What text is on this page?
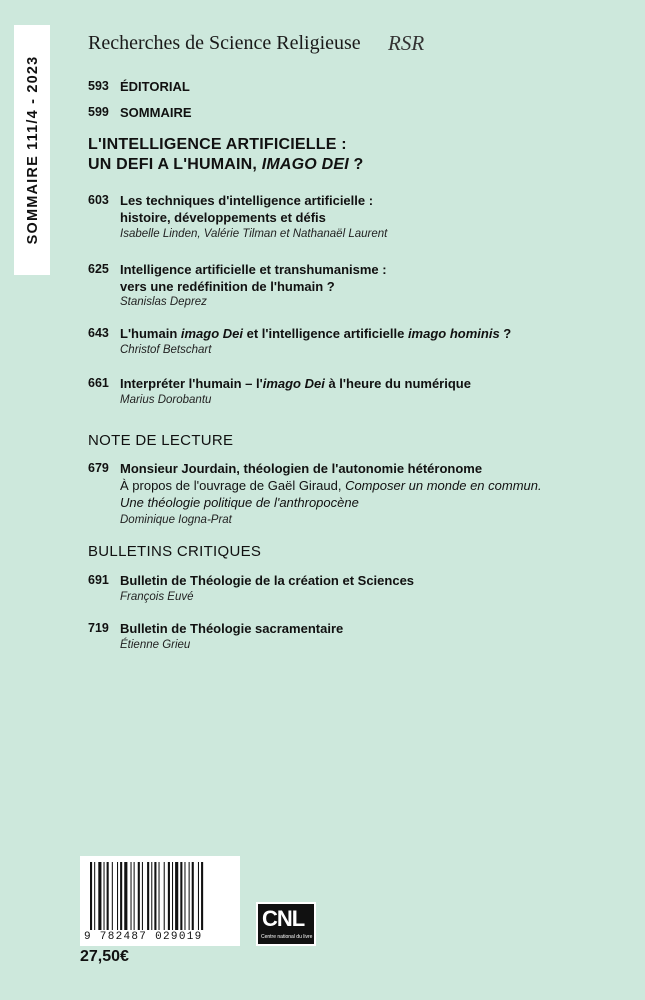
SOMMAIRE 111/4 - 2023
Recherches de Science Religieuse RSR
593 ÉDITORIAL
599 SOMMAIRE
L'INTELLIGENCE ARTIFICIELLE :
UN DEFI A L'HUMAIN, IMAGO DEI ?
603 Les techniques d'intelligence artificielle :
histoire, développements et défis
Isabelle Linden, Valérie Tilman et Nathanaël Laurent
625 Intelligence artificielle et transhumanisme :
vers une redéfinition de l'humain ?
Stanislas Deprez
643 L'humain imago Dei et l'intelligence artificielle imago hominis ?
Christof Betschart
661 Interpréter l'humain – l'imago Dei à l'heure du numérique
Marius Dorobantu
NOTE DE LECTURE
679 Monsieur Jourdain, théologien de l'autonomie hétéronome
À propos de l'ouvrage de Gaël Giraud, Composer un monde en commun.
Une théologie politique de l'anthropocène
Dominique Iogna-Prat
BULLETINS CRITIQUES
691 Bulletin de Théologie de la création et Sciences
François Euvé
719 Bulletin de Théologie sacramentaire
Étienne Grieu
9 782487 029019
27,50€
CNL
Centre national du livre
